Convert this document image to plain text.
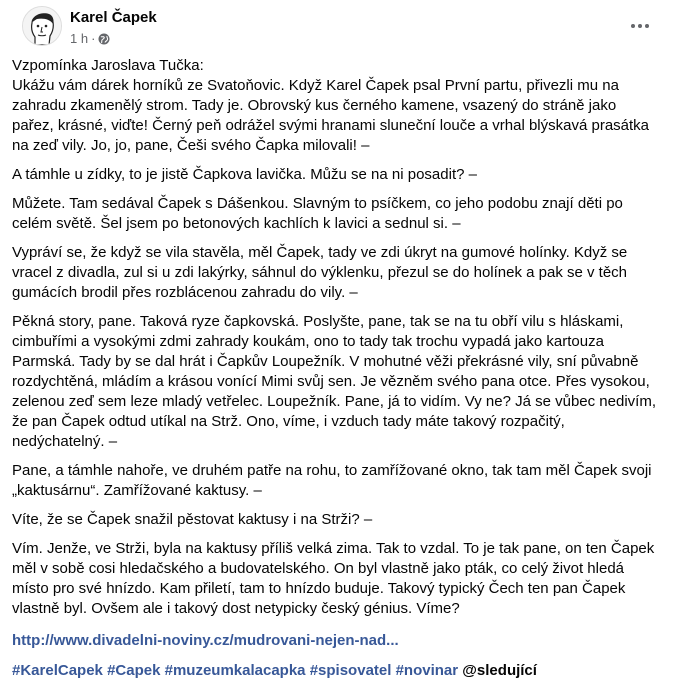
Karel Čapek
1 h ·

Vzpomínka Jaroslava Tučka:
Ukážu vám dárek horníků ze Svatoňovic. Když Karel Čapek psal První partu, přivezli mu na zahradu zkamenělý strom. Tady je. Obrovský kus černého kamene, vsazený do stráně jako pařez, krásné, viďte! Černý peň odrážel svými hranami sluneční louče a vrhal blýskavá prasátka na zeď vily. Jo, jo, pane, Češi svého Čapka milovali! –

A támhle u zídky, to je jistě Čapkova lavička. Můžu se na ni posadit? –

Můžete. Tam sedával Čapek s Dášenkou. Slavným to psíčkem, co jeho podobu znají děti po celém světě. Šel jsem po betonových kachlích k lavici a sednul si. –

Vypráví se, že když se vila stavěla, měl Čapek, tady ve zdi úkryt na gumové holínky. Když se vracel z divadla, zul si u zdi lakýrky, sáhnul do výklenku, přezul se do holínek a pak se v těch gumácích brodil přes rozblácenou zahradu do vily. –

Pěkná story, pane. Taková ryze čapkovská. Poslyšte, pane, tak se na tu obří vilu s hláskami, cimbuřími a vysokými zdmi zahrady koukám, ono to tady tak trochu vypadá jako kartouza Parmská. Tady by se dal hrát i Čapkův Loupežník. V mohutné věži překrásné vily, sní půvabně rozdychtěná, mládím a krásou vonící Mimi svůj sen. Je vězněm svého pana otce. Přes vysokou, zelenou zeď sem leze mladý vetřelec. Loupežník. Pane, já to vidím. Vy ne? Já se vůbec nedivím, že pan Čapek odtud utíkal na Strž. Ono, víme, i vzduch tady máte takový rozpačitý, nedýchatelný. –

Pane, a támhle nahoře, ve druhém patře na rohu, to zamřížované okno, tak tam měl Čapek svoji „kaktusárnu“. Zamřížované kaktusy. –

Víte, že se Čapek snažil pěstovat kaktusy i na Strži? –

Vím. Jenže, ve Strži, byla na kaktusy příliš velká zima. Tak to vzdal. To je tak pane, on ten Čapek měl v sobě cosi hledačského a budovatelského. On byl vlastně jako pták, co celý život hledá místo pro své hnízdo. Kam přiletí, tam to hnízdo buduje. Takový typický Čech ten pan Čapek vlastně byl. Ovšem ale i takový dost netypicky český génius. Víme?

http://www.divadelni-noviny.cz/mudrovani-nejen-nad...
#KarelCapek #Capek #muzeumkalacapka #spisovatel #novinar @sledující
